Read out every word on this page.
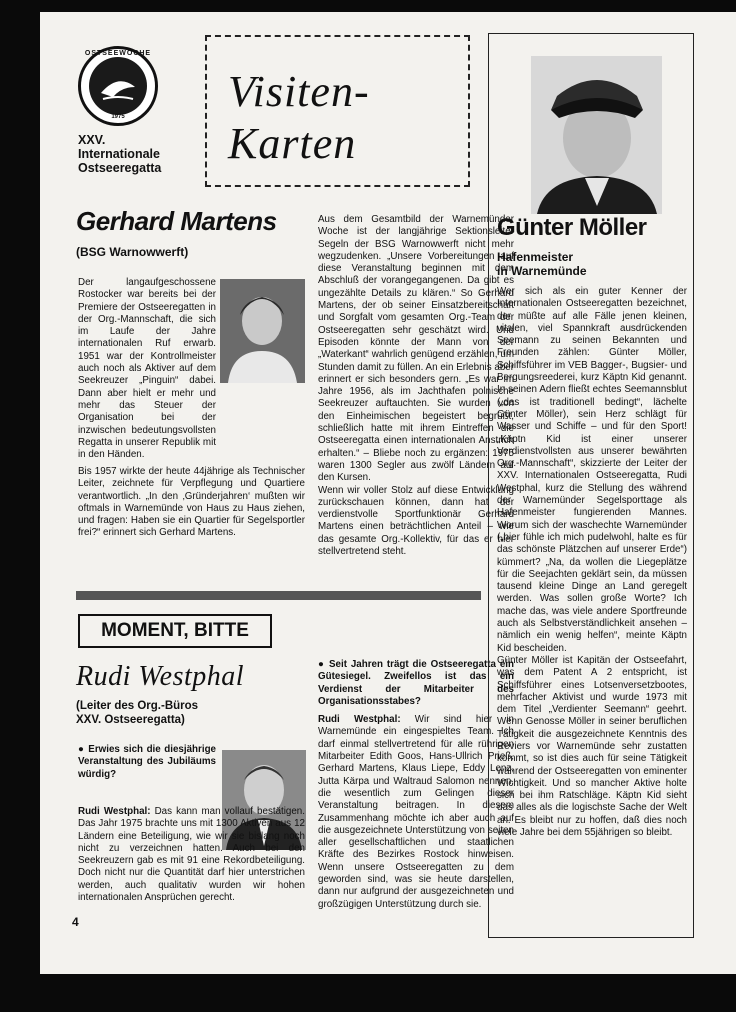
OSTSEEWOCHE
1975
XXV.
Internationale
Ostseeregatta
Visiten-
Karten
Gerhard Martens
(BSG Warnowwerft)
Der langaufgeschossene Rostocker war bereits bei der Premiere der Ostseeregatten in der Org.-Mannschaft, die sich im Laufe der Jahre internationalen Ruf erwarb. 1951 war der Kontrollmeister auch noch als Aktiver auf dem Seekreuzer „Pinguin“ dabei. Dann aber hielt er mehr und mehr das Steuer der Organisation bei der inzwischen bedeutungsvollsten Regatta in unserer Republik mit in den Händen.
Bis 1957 wirkte der heute 44jährige als Technischer Leiter, zeichnete für Verpflegung und Quartiere verantwortlich. „In den ‚Gründerjahren‘ mußten wir oftmals in Warnemünde von Haus zu Haus ziehen, und fragen: Haben sie ein Quartier für Segelsportler frei?“ erinnert sich Gerhard Martens.
Aus dem Gesamtbild der Warnemünder Woche ist der langjährige Sektionsleiter Segeln der BSG Warnowwerft nicht mehr wegzudenken. „Unsere Vorbereitungen auf diese Veranstaltung beginnen mit dem Abschluß der vorangegangenen. Da gibt es ungezählte Details zu klären.“ So Gerhard Martens, der ob seiner Einsatzbereitschaft und Sorgfalt vom gesamten Org.-Team der Ostseeregatten sehr geschätzt wird. Und Episoden könnte der Mann von der „Waterkant“ wahrlich genügend erzählen, um Stunden damit zu füllen. An ein Erlebnis aber erinnert er sich besonders gern. „Es war im Jahre 1956, als im Jachthafen polnische Seekreuzer auftauchten. Sie wurden von den Einheimischen begeistert begrüßt, schließlich hatte mit ihrem Eintreffen die Ostseeregatta einen internationalen Anstrich erhalten.“ – Bliebe noch zu ergänzen: 1975 waren 1300 Segler aus zwölf Ländern auf den Kursen.
Wenn wir voller Stolz auf diese Entwicklung zurückschauen können, dann hat der verdienstvolle Sportfunktionär Gerhard Martens einen beträchtlichen Anteil – wie das gesamte Org.-Kollektiv, für das er hier stellvertretend steht.
MOMENT, BITTE
Rudi Westphal
(Leiter des Org.-Büros
XXV. Ostseeregatta)
● Erwies sich die diesjährige Veranstaltung des Jubiläums würdig?
Rudi Westphal: Das kann man vollauf bestätigen. Das Jahr 1975 brachte uns mit 1300 Aktiven aus 12 Ländern eine Beteiligung, wie wir sie bislang noch nicht zu verzeichnen hatten. Auch bei den Seekreuzern gab es mit 91 eine Rekordbeteiligung. Doch nicht nur die Quantität darf hier unterstrichen werden, auch qualitativ wurden wir hohen internationalen Ansprüchen gerecht.
● Seit Jahren trägt die Ostseeregatta ein Gütesiegel. Zweifellos ist das ein Verdienst der Mitarbeiter des Organisationsstabes?
Rudi Westphal: Wir sind hier in Warnemünde ein eingespieltes Team. Ich darf einmal stellvertretend für alle rührigen Mitarbeiter Edith Goos, Hans-Ullrich Prieß, Gerhard Martens, Klaus Liepe, Eddy Lenz, Jutta Kärpa und Waltraud Salomon nennen, die wesentlich zum Gelingen dieser Veranstaltung beitragen. In diesem Zusammenhang möchte ich aber auch auf die ausgezeichnete Unterstützung von seiten aller gesellschaftlichen und staatlichen Kräfte des Bezirkes Rostock hinweisen. Wenn unsere Ostseeregatten zu dem geworden sind, was sie heute darstellen, dann nur aufgrund der ausgezeichneten und großzügigen Unterstützung durch sie.
Günter Möller
Hafenmeister
in Warnemünde
Wer sich als ein guter Kenner der Internationalen Ostseeregatten bezeichnet, der müßte auf alle Fälle jenen kleinen, vitalen, viel Spannkraft ausdrückenden Seemann zu seinen Bekannten und Freunden zählen: Günter Möller, Schiffsführer im VEB Bagger-, Bugsier- und Bergungsreederei, kurz Käptn Kid genannt. In seinen Adern fließt echtes Seemannsblut („das ist traditionell bedingt“, lächelte Günter Möller), sein Herz schlägt für Wasser und Schiffe – und für den Sport! „Käptn Kid ist einer unserer Verdienstvollsten aus unserer bewährten Org.-Mannschaft“, skizzierte der Leiter der XXV. Internationalen Ostseeregatta, Rudi Westphal, kurz die Stellung des während der Warnemünder Segelsporttage als Hafenmeister fungierenden Mannes. Worum sich der waschechte Warnemünder („hier fühle ich mich pudelwohl, halte es für das schönste Plätzchen auf unserer Erde“) kümmert? „Na, da wollen die Liegeplätze für die Seejachten geklärt sein, da müssen tausend kleine Dinge an Land geregelt werden. Was sollen große Worte? Ich mache das, was viele andere Sportfreunde auch als Selbstverständlichkeit ansehen – nämlich ein wenig helfen“, meinte Käptn Kid bescheiden.
Günter Möller ist Kapitän der Ostseefahrt, was dem Patent A 2 entspricht, ist Schiffsführer eines Lotsenversetzbootes, mehrfacher Aktivist und wurde 1973 mit dem Titel „Verdienter Seemann“ geehrt. Wenn Genosse Möller in seiner beruflichen Tätigkeit die ausgezeichnete Kenntnis des Reviers vor Warnemünde sehr zustatten kommt, so ist dies auch für seine Tätigkeit während der Ostseeregatten von eminenter Wichtigkeit. Und so mancher Aktive holte sich bei ihm Ratschläge. Käptn Kid sieht das alles als die logischste Sache der Welt an. Es bleibt nur zu hoffen, daß dies noch viele Jahre bei dem 55jährigen so bleibt.
4
